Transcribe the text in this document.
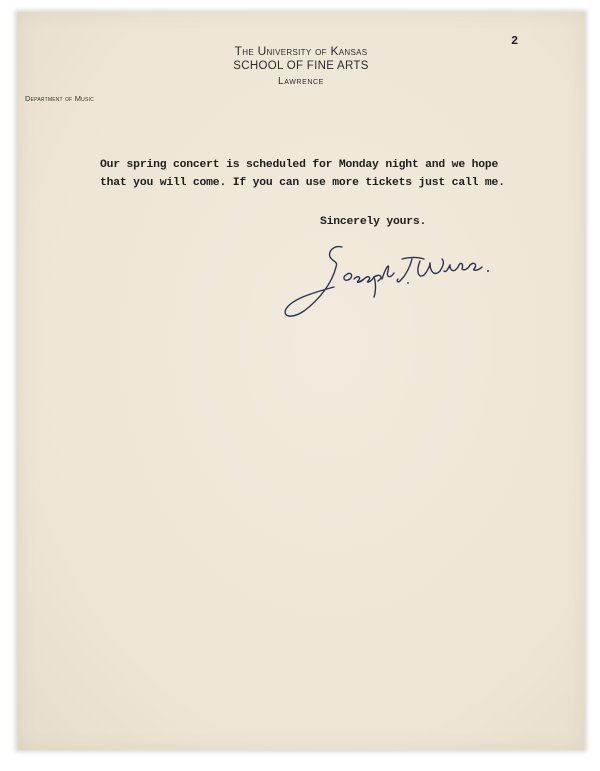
The University of Kansas
SCHOOL OF FINE ARTS
Lawrence
Department of Music
2
Our spring concert is scheduled for Monday night and we hope
that you will come. If you can use more tickets just call me.
Sincerely yours.
